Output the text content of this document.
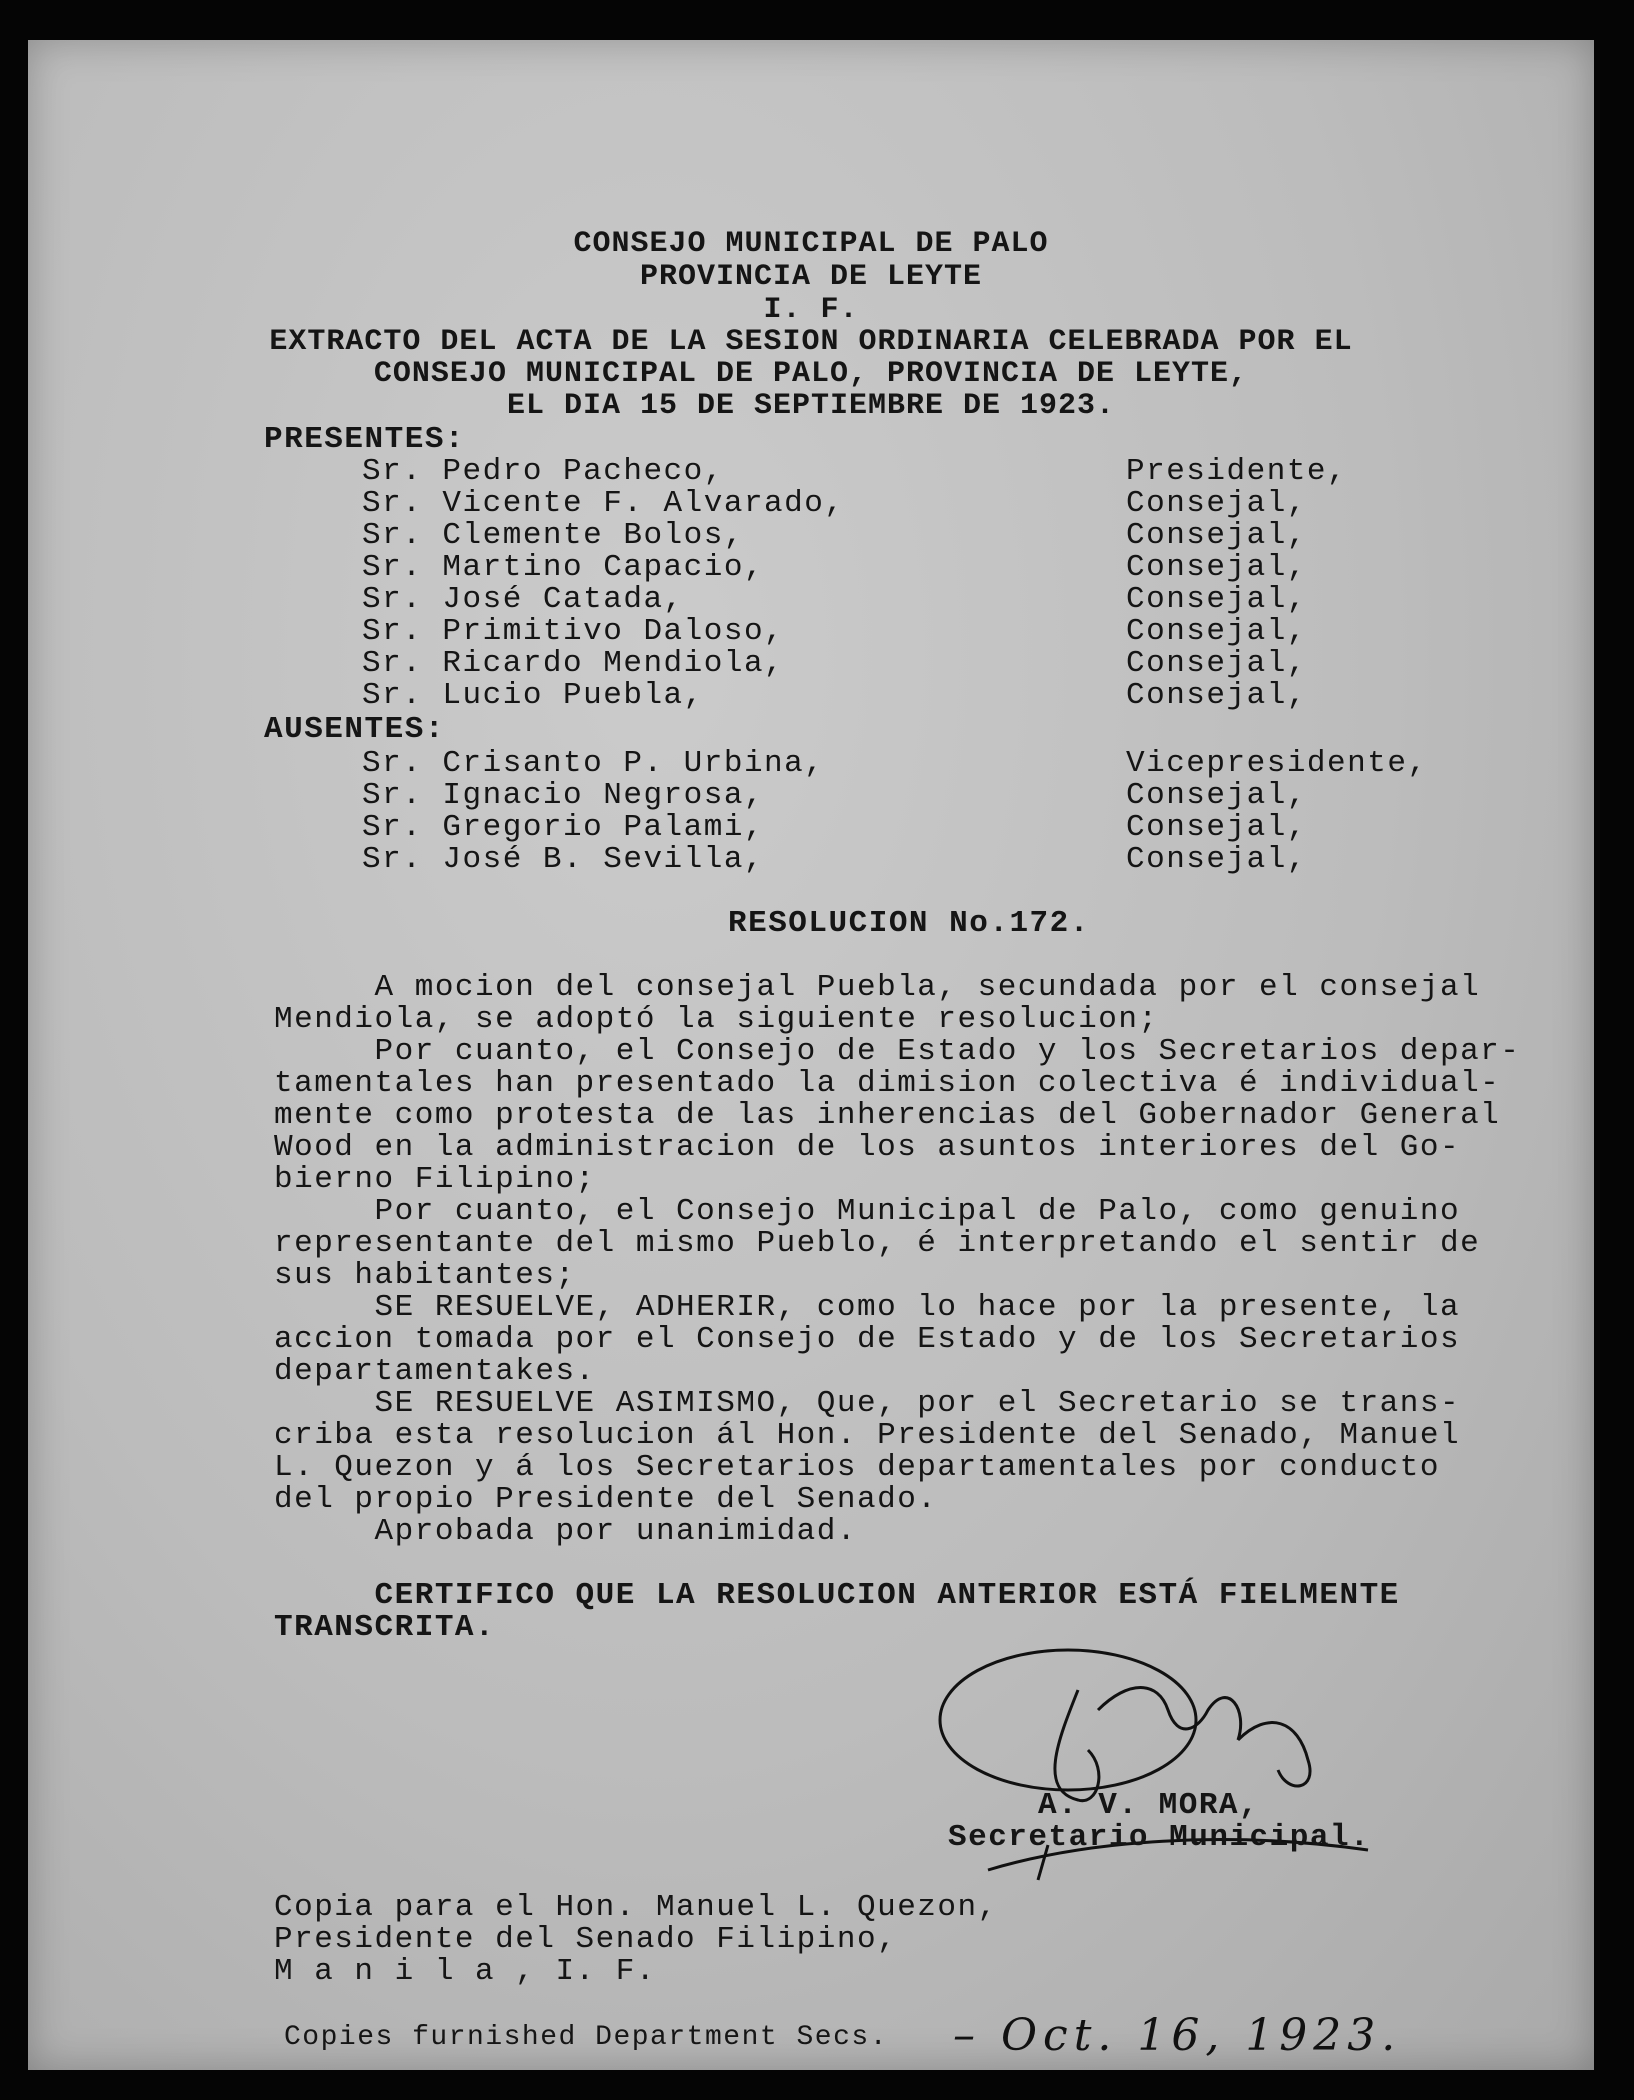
CONSEJO MUNICIPAL DE PALO
PROVINCIA DE LEYTE
I. F.
EXTRACTO DEL ACTA DE LA SESION ORDINARIA CELEBRADA POR EL
CONSEJO MUNICIPAL DE PALO, PROVINCIA DE LEYTE,
EL DIA 15 DE SEPTIEMBRE DE 1923.
PRESENTES:
Sr. Pedro Pacheco,	Presidente,
Sr. Vicente F. Alvarado,	Consejal,
Sr. Clemente Bolos,	Consejal,
Sr. Martino Capacio,	Consejal,
Sr. José Catada,	Consejal,
Sr. Primitivo Daloso,	Consejal,
Sr. Ricardo Mendiola,	Consejal,
Sr. Lucio Puebla,	Consejal,
AUSENTES:
Sr. Crisanto P. Urbina,	Vicepresidente,
Sr. Ignacio Negrosa,	Consejal,
Sr. Gregorio Palami,	Consejal,
Sr. José B. Sevilla,	Consejal,
RESOLUCION No.172.
A mocion del consejal Puebla, secundada por el consejal
Mendiola, se adoptó la siguiente resolucion;
Por cuanto, el Consejo de Estado y los Secretarios depar-
tamentales han presentado la dimision colectiva é individual-
mente como protesta de las inherencias del Gobernador General
Wood en la administracion de los asuntos interiores del Go-
bierno Filipino;
Por cuanto, el Consejo Municipal de Palo, como genuino
representante del mismo Pueblo, é interpretando el sentir de
sus habitantes;
SE RESUELVE, ADHERIR, como lo hace por la presente, la
accion tomada por el Consejo de Estado y de los Secretarios
departamentakes.
SE RESUELVE ASIMISMO, Que, por el Secretario se trans-
criba esta resolucion ál Hon. Presidente del Senado, Manuel
L. Quezon y á los Secretarios departamentales por conducto
del propio Presidente del Senado.
Aprobada por unanimidad.
CERTIFICO QUE LA RESOLUCION ANTERIOR ESTÁ FIELMENTE
TRANSCRITA.
A. V. MORA,
Secretario Municipal.
Copia para el Hon. Manuel L. Quezon,
Presidente del Senado Filipino,
M a n i l a , I. F.
Copies furnished Department Secs. – Oct. 16, 1923.
